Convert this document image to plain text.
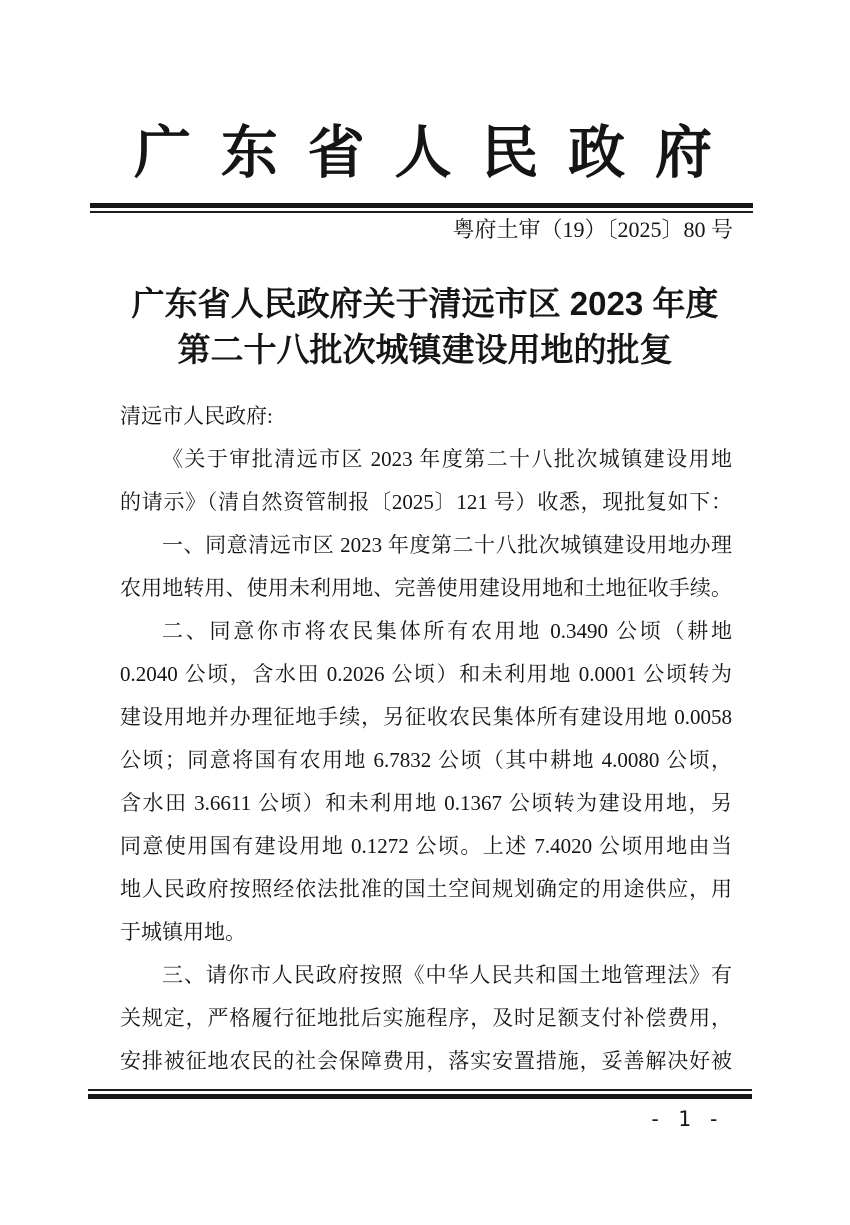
广 东 省 人 民 政 府
粤府土审（19）〔2025〕80 号
广东省人民政府关于清远市区 2023 年度
第二十八批次城镇建设用地的批复
清远市人民政府:
《关于审批清远市区 2023 年度第二十八批次城镇建设用地
的请示》（清自然资管制报〔2025〕121 号）收悉，现批复如下：
一、同意清远市区 2023 年度第二十八批次城镇建设用地办理
农用地转用、使用未利用地、完善使用建设用地和土地征收手续。
二、同意你市将农民集体所有农用地 0.3490 公顷（耕地
0.2040 公顷，含水田 0.2026 公顷）和未利用地 0.0001 公顷转为
建设用地并办理征地手续，另征收农民集体所有建设用地 0.0058
公顷；同意将国有农用地 6.7832 公顷（其中耕地 4.0080 公顷，
含水田 3.6611 公顷）和未利用地 0.1367 公顷转为建设用地，另
同意使用国有建设用地 0.1272 公顷。上述 7.4020 公顷用地由当
地人民政府按照经依法批准的国土空间规划确定的用途供应，用
于城镇用地。
三、请你市人民政府按照《中华人民共和国土地管理法》有
关规定，严格履行征地批后实施程序，及时足额支付补偿费用，
安排被征地农民的社会保障费用，落实安置措施，妥善解决好被
- 1 -
